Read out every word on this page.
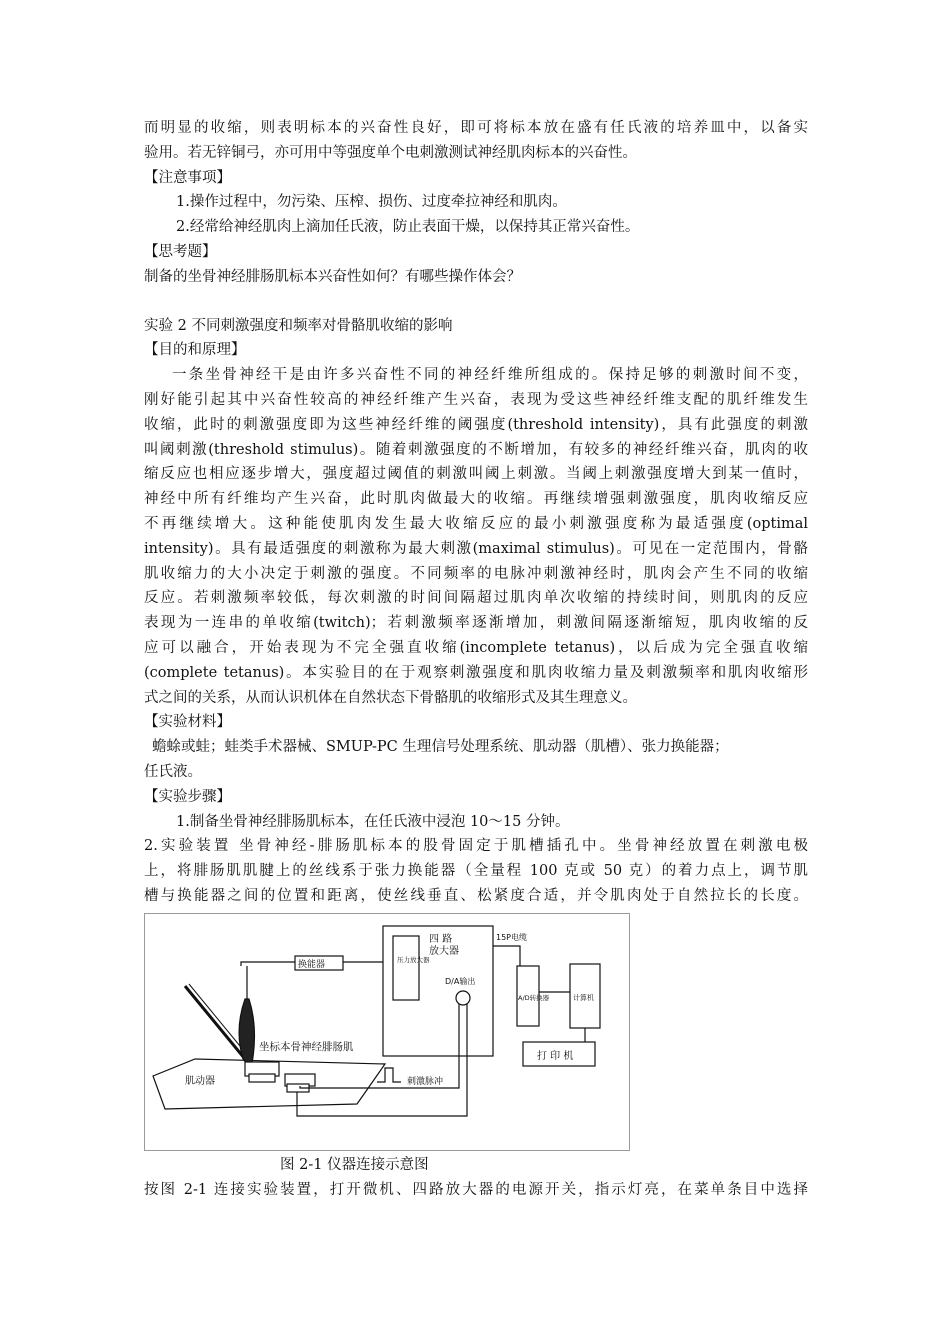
而明显的收缩，则表明标本的兴奋性良好，即可将标本放在盛有任氏液的培养皿中，以备实
验用。若无锌铜弓，亦可用中等强度单个电刺激测试神经肌肉标本的兴奋性。
【注意事项】
1.操作过程中，勿污染、压榨、损伤、过度牵拉神经和肌肉。
2.经常给神经肌肉上滴加任氏液，防止表面干燥，以保持其正常兴奋性。
【思考题】
制备的坐骨神经腓肠肌标本兴奋性如何？有哪些操作体会？
实验 2 不同刺激强度和频率对骨骼肌收缩的影响
【目的和原理】
一条坐骨神经干是由许多兴奋性不同的神经纤维所组成的。保持足够的刺激时间不变，
刚好能引起其中兴奋性较高的神经纤维产生兴奋，表现为受这些神经纤维支配的肌纤维发生
收缩，此时的刺激强度即为这些神经纤维的阈强度(threshold intensity)，具有此强度的刺激
叫阈刺激(threshold stimulus)。随着刺激强度的不断增加，有较多的神经纤维兴奋，肌肉的收
缩反应也相应逐步增大，强度超过阈值的刺激叫阈上刺激。当阈上刺激强度增大到某一值时，
神经中所有纤维均产生兴奋，此时肌肉做最大的收缩。再继续增强刺激强度，肌肉收缩反应
不再继续增大。这种能使肌肉发生最大收缩反应的最小刺激强度称为最适强度(optimal
intensity)。具有最适强度的刺激称为最大刺激(maximal stimulus)。可见在一定范围内，骨骼
肌收缩力的大小决定于刺激的强度。不同频率的电脉冲刺激神经时，肌肉会产生不同的收缩
反应。若刺激频率较低，每次刺激的时间间隔超过肌肉单次收缩的持续时间，则肌肉的反应
表现为一连串的单收缩(twitch)；若刺激频率逐渐增加，刺激间隔逐渐缩短，肌肉收缩的反
应可以融合，开始表现为不完全强直收缩(incomplete tetanus)，以后成为完全强直收缩
(complete tetanus)。本实验目的在于观察刺激强度和肌肉收缩力量及刺激频率和肌肉收缩形
式之间的关系，从而认识机体在自然状态下骨骼肌的收缩形式及其生理意义。
【实验材料】
蟾蜍或蛙；蛙类手术器械、SMUP-PC 生理信号处理系统、肌动器（肌槽）、张力换能器；
任氏液。
【实验步骤】
1.制备坐骨神经腓肠肌标本，在任氏液中浸泡 10～15 分钟。
2.实验装置 坐骨神经-腓肠肌标本的股骨固定于肌槽插孔中。坐骨神经放置在刺激电极
上，将腓肠肌肌腱上的丝线系于张力换能器（全量程 100 克或 50 克）的着力点上，调节肌
槽与换能器之间的位置和距离，使丝线垂直、松紧度合适，并令肌肉处于自然拉长的长度。
换能器
四 路
放大器
15P电缆
压力放大器
D/A输出
A/D转换器	计算机
打 印 机
坐标本骨神经腓肠肌
肌动器	刺激脉冲
图 2-1 仪器连接示意图
按图 2-1 连接实验装置，打开微机、四路放大器的电源开关，指示灯亮，在菜单条目中选择
